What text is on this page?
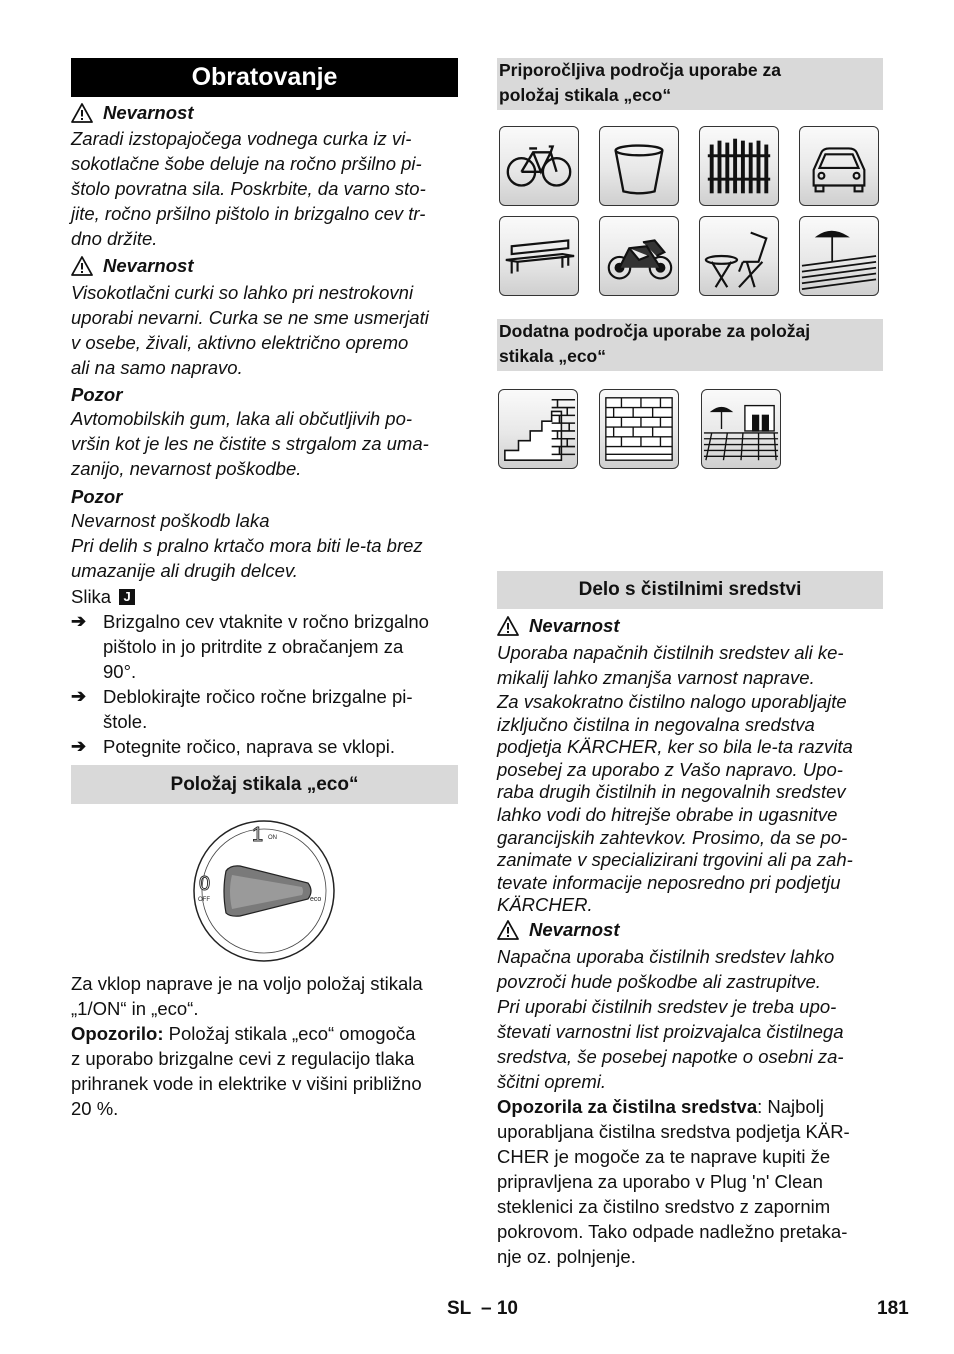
Obratovanje
Nevarnost
Zaradi izstopajočega vodnega curka iz vi-
sokotlačne šobe deluje na ročno pršilno pi-
štolo povratna sila. Poskrbite, da varno sto-
jite, ročno pršilno pištolo in brizgalno cev tr-
dno držite.
Nevarnost
Visokotlačni curki so lahko pri nestrokovni
uporabi nevarni. Curka se ne sme usmerjati
v osebe, živali, aktivno električno opremo
ali na samo napravo.
Pozor
Avtomobilskih gum, laka ali občutljivih po-
vršin kot je les ne čistite s strgalom za uma-
zanijo, nevarnost poškodbe.
Pozor
Nevarnost poškodb laka
Pri delih s pralno krtačo mora biti le-ta brez
umazanije ali drugih delcev.
Slika J
➔ Brizgalno cev vtaknite v ročno brizgalno
pištolo in jo pritrdite z obračanjem za
90°.
➔ Deblokirajte ročico ročne brizgalne pi-
štole.
➔ Potegnite ročico, naprava se vklopi.
Položaj stikala „eco“
1 ON
0
OFF	eco
Za vklop naprave je na voljo položaj stikala
„1/ON“ in „eco“.
Opozorilo: Položaj stikala „eco“ omogoča
z uporabo brizgalne cevi z regulacijo tlaka
prihranek vode in elektrike v višini približno
20 %.
Priporočljiva področja uporabe za
položaj stikala „eco“
Dodatna področja uporabe za položaj
stikala „eco“
Delo s čistilnimi sredstvi
Nevarnost
Uporaba napačnih čistilnih sredstev ali ke-
mikalij lahko zmanjša varnost naprave.
Za vsakokratno čistilno nalogo uporabljajte
izključno čistilna in negovalna sredstva
podjetja KÄRCHER, ker so bila le-ta razvita
posebej za uporabo z Vašo napravo. Upo-
raba drugih čistilnih in negovalnih sredstev
lahko vodi do hitrejše obrabe in ugasnitve
garancijskih zahtevkov. Prosimo, da se po-
zanimate v specializirani trgovini ali pa zah-
tevate informacije neposredno pri podjetju
KÄRCHER.
Nevarnost
Napačna uporaba čistilnih sredstev lahko
povzroči hude poškodbe ali zastrupitve.
Pri uporabi čistilnih sredstev je treba upo-
števati varnostni list proizvajalca čistilnega
sredstva, še posebej napotke o osebni za-
ščitni opremi.
Opozorila za čistilna sredstva: Najbolj
uporabljana čistilna sredstva podjetja KÄR-
CHER je mogoče za te naprave kupiti že
pripravljena za uporabo v Plug 'n' Clean
steklenici za čistilno sredstvo z zapornim
pokrovom. Tako odpade nadležno pretaka-
nje oz. polnjenje.
SL – 10	181
